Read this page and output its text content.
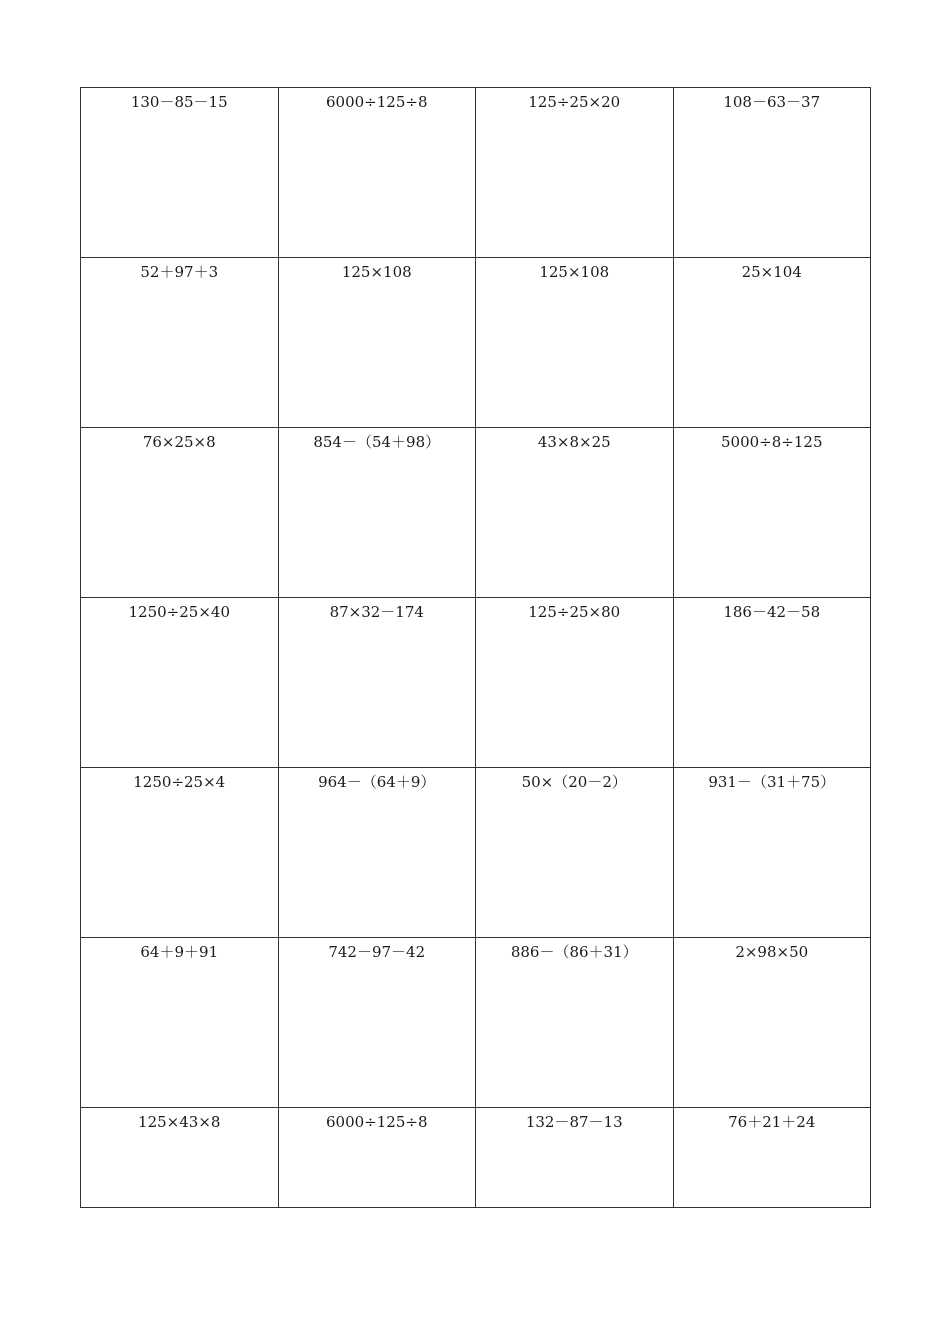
130－85－15	6000÷125÷8	125÷25×20	108－63－37
52＋97＋3	125×108	125×108	25×104
76×25×8	854－（54＋98）	43×8×25	5000÷8÷125
1250÷25×40	87×32－174	125÷25×80	186－42－58
1250÷25×4	964－（64＋9）	50×（20－2）	931－（31＋75）
64＋9＋91	742－97－42	886－（86＋31）	2×98×50
125×43×8	6000÷125÷8	132－87－13	76＋21＋24
